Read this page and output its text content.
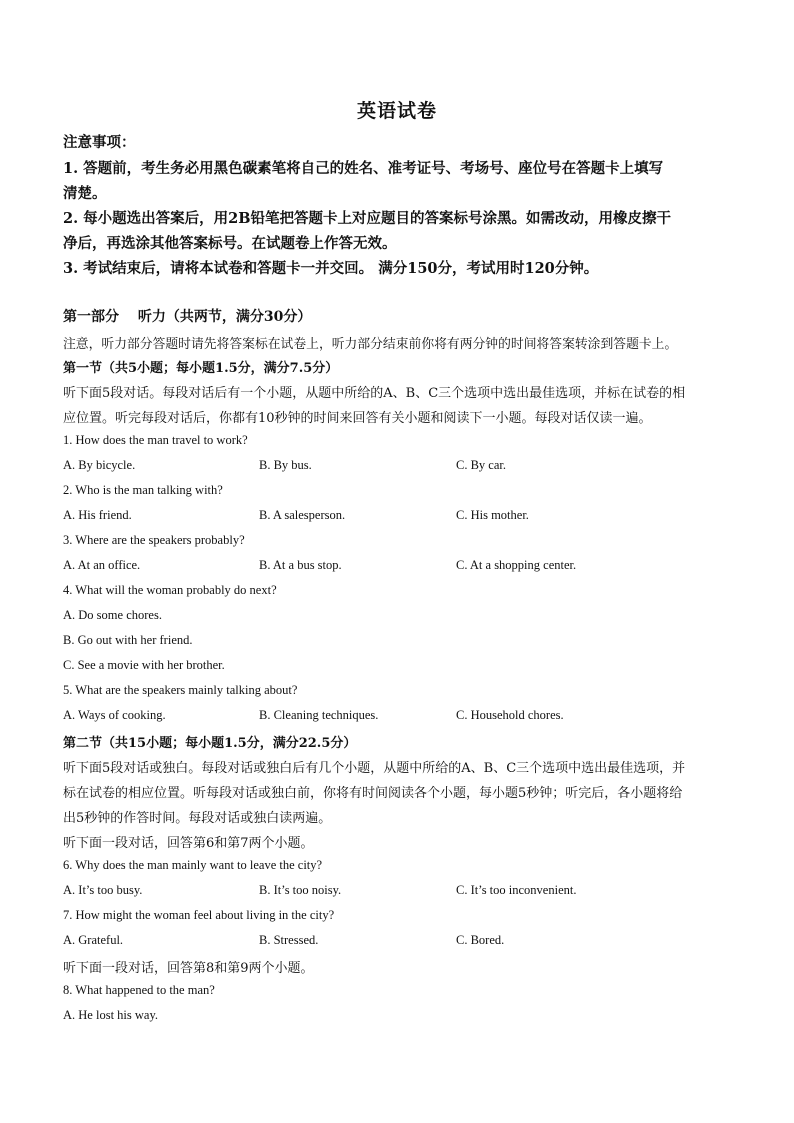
英语试卷
注意事项：
1. 答题前，考生务必用黑色碳素笔将自己的姓名、准考证号、考场号、座位号在答题卡上填写
清楚。
2. 每小题选出答案后，用2B铅笔把答题卡上对应题目的答案标号涂黑。如需改动，用橡皮擦干
净后，再选涂其他答案标号。在试题卷上作答无效。
3. 考试结束后，请将本试卷和答题卡一并交回。 满分150分，考试用时120分钟。
第一部分　 听力（共两节，满分30分）
注意，听力部分答题时请先将答案标在试卷上，听力部分结束前你将有两分钟的时间将答案转涂到答题卡上。
第一节（共5小题；每小题1.5分，满分7.5分）
听下面5段对话。每段对话后有一个小题，从题中所给的A、B、C三个选项中选出最佳选项，并标在试卷的相
应位置。听完每段对话后，你都有10秒钟的时间来回答有关小题和阅读下一小题。每段对话仅读一遍。
1. How does the man travel to work?
A. By bicycle.	B. By bus.	C. By car.
2. Who is the man talking with?
A. His friend.	B. A salesperson.	C. His mother.
3. Where are the speakers probably?
A. At an office.	B. At a bus stop.	C. At a shopping center.
4. What will the woman probably do next?
A. Do some chores.
B. Go out with her friend.
C. See a movie with her brother.
5. What are the speakers mainly talking about?
A. Ways of cooking.	B. Cleaning techniques.	C. Household chores.
第二节（共15小题；每小题1.5分，满分22.5分）
听下面5段对话或独白。每段对话或独白后有几个小题，从题中所给的A、B、C三个选项中选出最佳选项，并
标在试卷的相应位置。听每段对话或独白前，你将有时间阅读各个小题，每小题5秒钟；听完后，各小题将给
出5秒钟的作答时间。每段对话或独白读两遍。
听下面一段对话，回答第6和第7两个小题。
6. Why does the man mainly want to leave the city?
A. It’s too busy.	B. It’s too noisy.	C. It’s too inconvenient.
7. How might the woman feel about living in the city?
A. Grateful.	B. Stressed.	C. Bored.
听下面一段对话，回答第8和第9两个小题。
8. What happened to the man?
A. He lost his way.
